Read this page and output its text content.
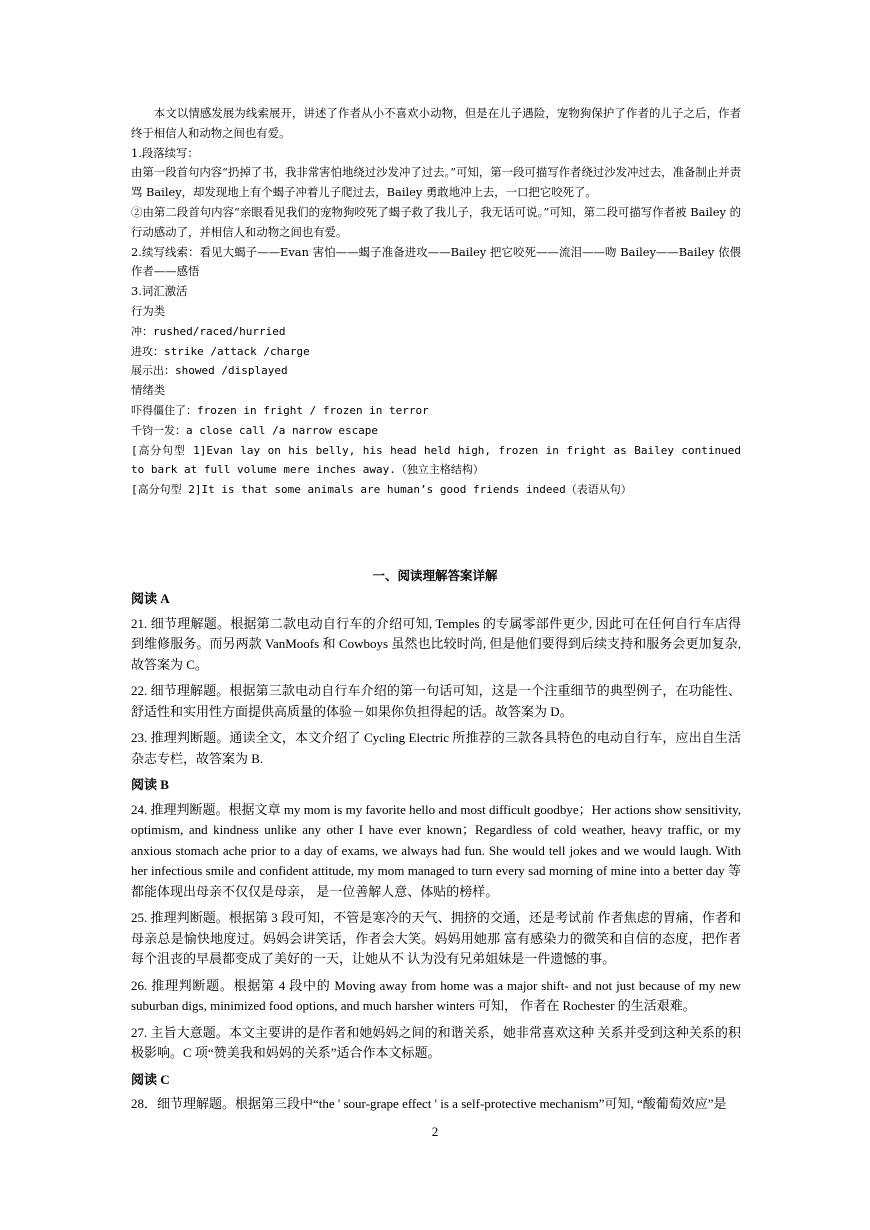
本文以情感发展为线索展开，讲述了作者从小不喜欢小动物，但是在儿子遇险，宠物狗保护了作者的儿子之后，作者终于相信人和动物之间也有爱。

1.段落续写：

由第一段首句内容“扔掉了书，我非常害怕地绕过沙发冲了过去。”可知，第一段可描写作者绕过沙发冲过去，准备制止并责骂 Bailey，却发现地上有个蝎子冲着儿子爬过去，Bailey 勇敢地冲上去，一口把它咬死了。

②由第二段首句内容“亲眼看见我们的宠物狗咬死了蝎子救了我儿子，我无话可说。”可知，第二段可描写作者被 Bailey 的行动感动了，并相信人和动物之间也有爱。

2.续写线索：看见大蝎子——Evan 害怕——蝎子准备进攻——Bailey 把它咬死——流泪——吻 Bailey——Bailey 依偎作者——感悟

3.词汇激活

行为类

冲：rushed/raced/hurried

进攻：strike /attack /charge

展示出：showed /displayed

情绪类

吓得僵住了：frozen in fright / frozen in terror

千钧一发：a close call /a narrow escape

[高分句型 1]Evan lay on his belly, his head held high, frozen in fright as Bailey continued to bark at full volume mere inches away.（独立主格结构）

[高分句型 2]It is that some animals are human’s good friends indeed（表语从句）

一、阅读理解答案详解

阅读 A

21. 细节理解题。根据第二款电动自行车的介绍可知, Temples 的专属零部件更少, 因此可在任何自行车店得到维修服务。而另两款 VanMoofs 和 Cowboys 虽然也比较时尚, 但是他们要得到后续支持和服务会更加复杂, 故答案为 C。

22. 细节理解题。根据第三款电动自行车介绍的第一句话可知，这是一个注重细节的典型例子，在功能性、舒适性和实用性方面提供高质量的体验－如果你负担得起的话。故答案为 D。

23. 推理判断题。通读全文，本文介绍了 Cycling Electric 所推荐的三款各具特色的电动自行车，应出自生活杂志专栏，故答案为 B.

阅读 B

24. 推理判断题。根据文章 my mom is my favorite hello and most difficult goodbye；Her actions show sensitivity, optimism, and kindness unlike any other I have ever known；Regardless of cold weather, heavy traffic, or my anxious stomach ache prior to a day of exams, we always had fun. She would tell jokes and we would laugh. With her infectious smile and confident attitude, my mom managed to turn every sad morning of mine into a better day 等都能体现出母亲不仅仅是母亲， 是一位善解人意、体贴的榜样。

25. 推理判断题。根据第 3 段可知，不管是寒冷的天气、拥挤的交通，还是考试前 作者焦虑的胃痛，作者和母亲总是愉快地度过。妈妈会讲笑话，作者会大笑。妈妈用她那 富有感染力的微笑和自信的态度，把作者每个沮丧的早晨都变成了美好的一天，让她从不 认为没有兄弟姐妹是一件遗憾的事。

26. 推理判断题。根据第 4 段中的 Moving away from home was a major shift- and not just because of my new suburban digs, minimized food options, and much harsher winters 可知， 作者在 Rochester 的生活艰难。

27. 主旨大意题。本文主要讲的是作者和她妈妈之间的和谐关系，她非常喜欢这种 关系并受到这种关系的积极影响。C 项“赞美我和妈妈的关系”适合作本文标题。

阅读 C

28．细节理解题。根据第三段中“the ' sour-grape effect ' is a self-protective mechanism”可知, “酸葡萄效应”是

2
